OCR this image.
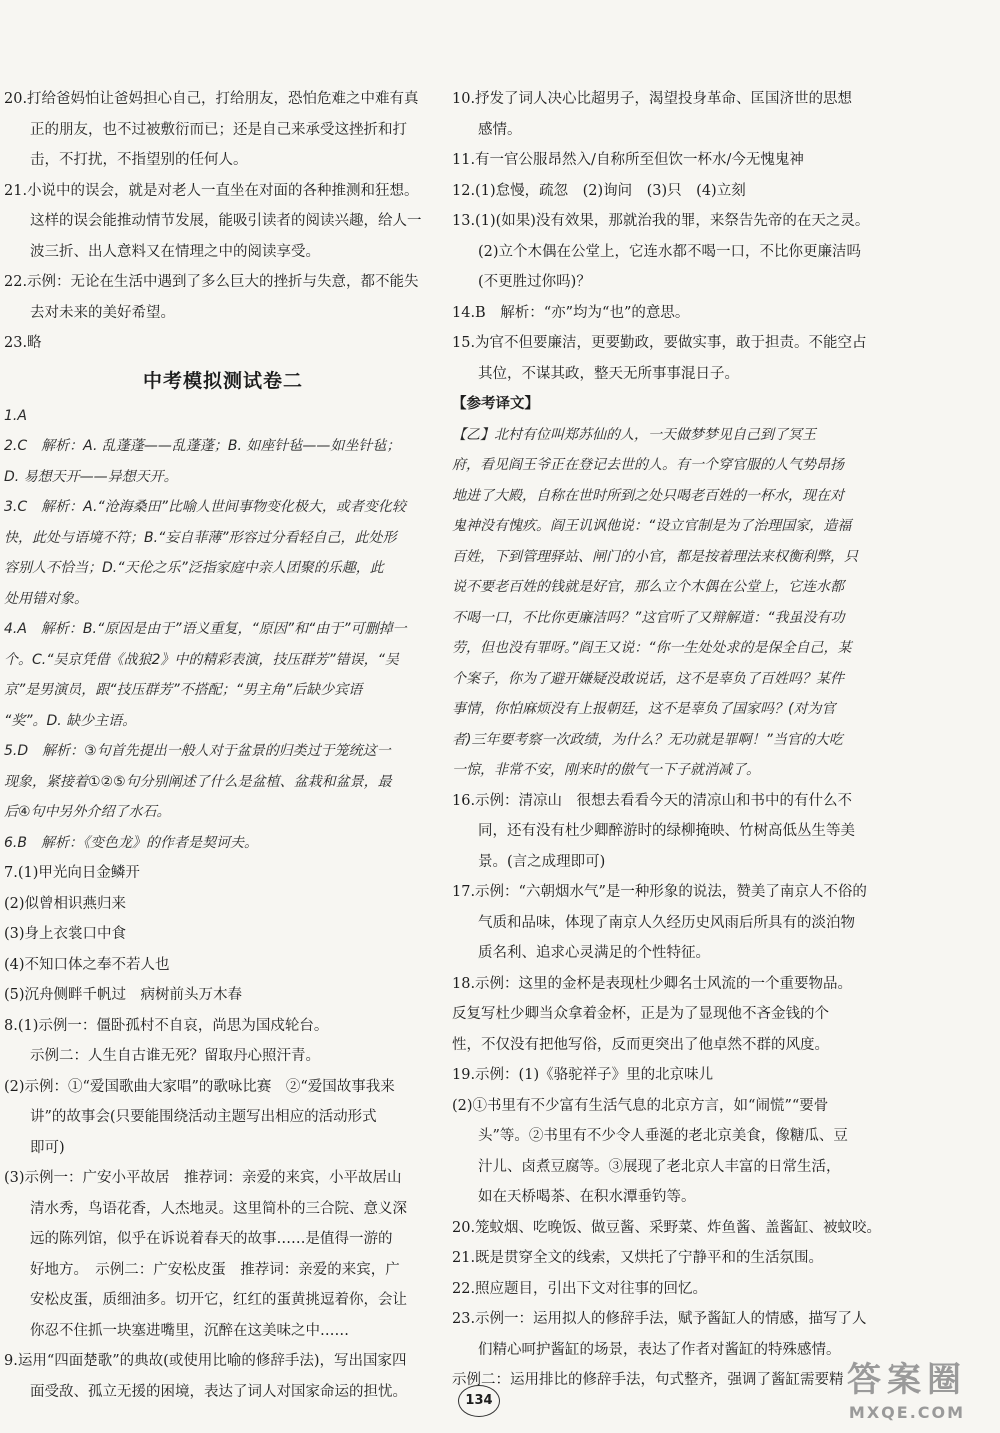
20.打给爸妈怕让爸妈担心自己，打给朋友，恐怕危难之中难有真
正的朋友，也不过被敷衍而已；还是自己来承受这挫折和打
击，不打扰，不指望别的任何人。
21.小说中的误会，就是对老人一直坐在对面的各种推测和狂想。
这样的误会能推动情节发展，能吸引读者的阅读兴趣，给人一
波三折、出人意料又在情理之中的阅读享受。
22.示例：无论在生活中遇到了多么巨大的挫折与失意，都不能失
去对未来的美好希望。
23.略
中考模拟测试卷二
1.A
2.C　解析：A. 乱蓬蓬——乱蓬蓬；B. 如座针毡——如坐针毡；
D. 易想天开——异想天开。
3.C　解析：A.“沧海桑田”比喻人世间事物变化极大，或者变化较
快，此处与语境不符；B.“妄自菲薄”形容过分看轻自己，此处形
容别人不恰当；D.“天伦之乐”泛指家庭中亲人团聚的乐趣，此
处用错对象。
4.A　解析：B.“原因是由于”语义重复，“原因”和“由于”可删掉一
个。C.“吴京凭借《战狼2》中的精彩表演，技压群芳”错误，“吴
京”是男演员，跟“技压群芳”不搭配；“男主角”后缺少宾语
“奖”。D. 缺少主语。
5.D　解析：③句首先提出一般人对于盆景的归类过于笼统这一
现象，紧接着①②⑤句分别阐述了什么是盆植、盆栽和盆景，最
后④句中另外介绍了水石。
6.B　解析：《变色龙》的作者是契诃夫。
7.(1)甲光向日金鳞开
(2)似曾相识燕归来
(3)身上衣裳口中食
(4)不知口体之奉不若人也
(5)沉舟侧畔千帆过　病树前头万木春
8.(1)示例一：僵卧孤村不自哀，尚思为国戍轮台。
示例二：人生自古谁无死？留取丹心照汗青。
(2)示例：①“爱国歌曲大家唱”的歌咏比赛　②“爱国故事我来
讲”的故事会(只要能围绕活动主题写出相应的活动形式
即可)
(3)示例一：广安小平故居　推荐词：亲爱的来宾，小平故居山
清水秀，鸟语花香，人杰地灵。这里简朴的三合院、意义深
远的陈列馆，似乎在诉说着春天的故事……是值得一游的
好地方。　示例二：广安松皮蛋　推荐词：亲爱的来宾，广
安松皮蛋，质细油多。切开它，红红的蛋黄挑逗着你，会让
你忍不住抓一块塞进嘴里，沉醉在这美味之中……
9.运用“四面楚歌”的典故(或使用比喻的修辞手法)，写出国家四
面受敌、孤立无援的困境，表达了词人对国家命运的担忧。
10.抒发了词人决心比超男子，渴望投身革命、匡国济世的思想
感情。
11.有一官公服昂然入/自称所至但饮一杯水/今无愧鬼神
12.(1)怠慢，疏忽　(2)询问　(3)只　(4)立刻
13.(1)(如果)没有效果，那就治我的罪，来祭告先帝的在天之灵。
(2)立个木偶在公堂上，它连水都不喝一口，不比你更廉洁吗
(不更胜过你吗)？
14.B　解析：“亦”均为“也”的意思。
15.为官不但要廉洁，更要勤政，要做实事，敢于担责。不能空占
其位，不谋其政，整天无所事事混日子。
【参考译文】
【乙】北村有位叫郑苏仙的人，一天做梦梦见自己到了冥王
府，看见阎王爷正在登记去世的人。有一个穿官服的人气势昂扬
地进了大殿，自称在世时所到之处只喝老百姓的一杯水，现在对
鬼神没有愧疚。阎王讥讽他说：“设立官制是为了治理国家，造福
百姓，下到管理驿站、闸门的小官，都是按着理法来权衡利弊，只
说不要老百姓的钱就是好官，那么立个木偶在公堂上，它连水都
不喝一口，不比你更廉洁吗？”这官听了又辩解道：“我虽没有功
劳，但也没有罪呀。”阎王又说：“你一生处处求的是保全自己，某
个案子，你为了避开嫌疑没敢说话，这不是辜负了百姓吗？某件
事情，你怕麻烦没有上报朝廷，这不是辜负了国家吗？(对为官
者)三年要考察一次政绩，为什么？无功就是罪啊！”当官的大吃
一惊，非常不安，刚来时的傲气一下子就消减了。
16.示例：清凉山　很想去看看今天的清凉山和书中的有什么不
同，还有没有杜少卿醉游时的绿柳掩映、竹树高低丛生等美
景。(言之成理即可)
17.示例：“六朝烟水气”是一种形象的说法，赞美了南京人不俗的
气质和品味，体现了南京人久经历史风雨后所具有的淡泊物
质名利、追求心灵满足的个性特征。
18.示例：这里的金杯是表现杜少卿名士风流的一个重要物品。
反复写杜少卿当众拿着金杯，正是为了显现他不吝金钱的个
性，不仅没有把他写俗，反而更突出了他卓然不群的风度。
19.示例：(1)《骆驼祥子》里的北京味儿
(2)①书里有不少富有生活气息的北京方言，如“闹慌”“要骨
头”等。②书里有不少令人垂涎的老北京美食，像糖瓜、豆
汁儿、卤煮豆腐等。③展现了老北京人丰富的日常生活，
如在天桥喝茶、在积水潭垂钓等。
20.笼蚊烟、吃晚饭、做豆酱、采野菜、炸鱼酱、盖酱缸、被蚊咬。
21.既是贯穿全文的线索，又烘托了宁静平和的生活氛围。
22.照应题目，引出下文对往事的回忆。
23.示例一：运用拟人的修辞手法，赋予酱缸人的情感，描写了人
们精心呵护酱缸的场景，表达了作者对酱缸的特殊感情。
示例二：运用排比的修辞手法，句式整齐，强调了酱缸需要精
134
答案圈
MXQE.COM
